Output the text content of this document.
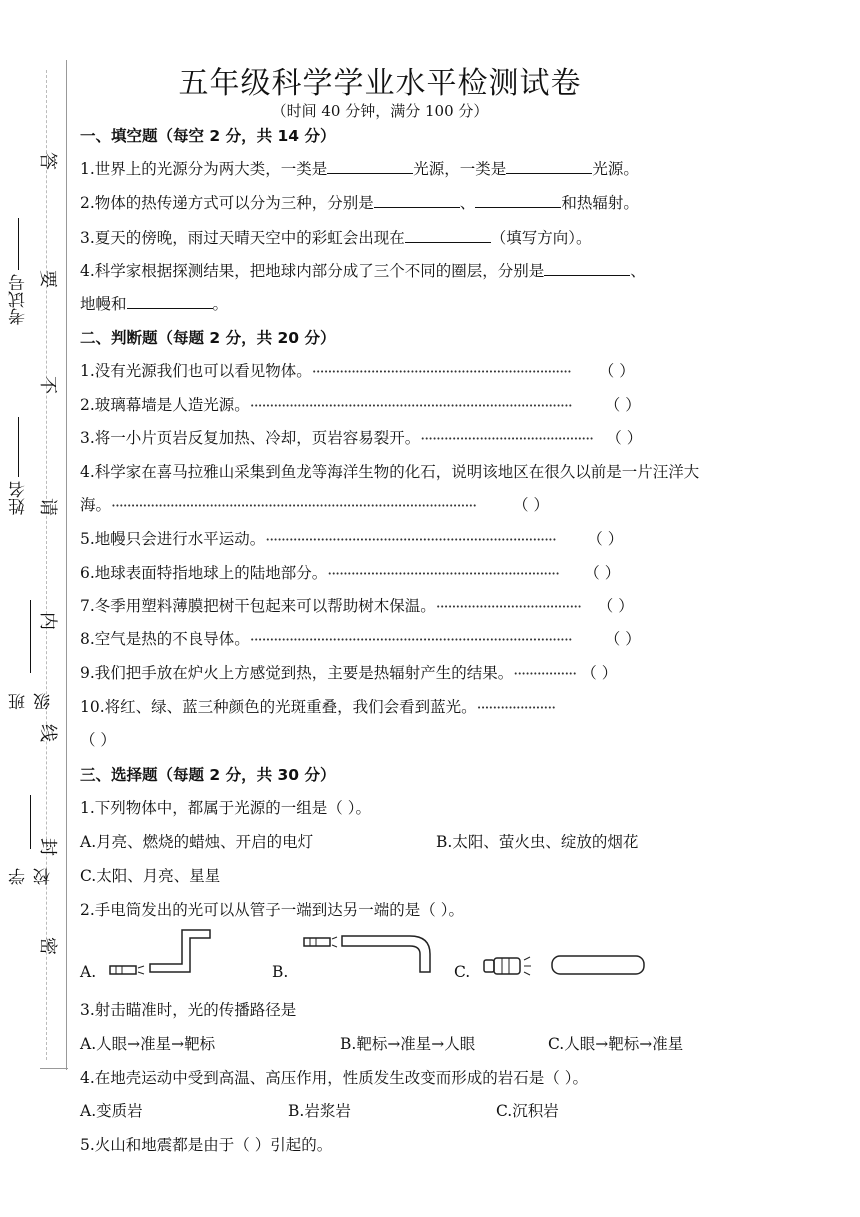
考试号
姓名
班级
学校
答
要
不
请
内
线
封
密
五年级科学学业水平检测试卷
（时间 40 分钟，满分 100 分）
一、填空题（每空 2 分，共 14 分）
1.世界上的光源分为两大类，一类是	光源，一类是	光源。
2.物体的热传递方式可以分为三种，分别是	、	和热辐射。
3.夏天的傍晚，雨过天晴天空中的彩虹会出现在	（填写方向）。
4.科学家根据探测结果，把地球内部分成了三个不同的圈层，分别是	、
地幔和	。
二、判断题（每题 2 分，共 20 分）
1.没有光源我们也可以看见物体。·································································· （ ）
2.玻璃幕墙是人造光源。·················································································· （ ）
3.将一小片页岩反复加热、冷却，页岩容易裂开。············································ （ ）
4.科学家在喜马拉雅山采集到鱼龙等海洋生物的化石，说明该地区在很久以前是一片汪洋大
海。····························································································· （ ）
5.地幔只会进行水平运动。·········································································· （ ）
6.地球表面特指地球上的陆地部分。··························································· （ ）
7.冬季用塑料薄膜把树干包起来可以帮助树木保温。····································· （ ）
8.空气是热的不良导体。·················································································· （ ）
9.我们把手放在炉火上方感觉到热，主要是热辐射产生的结果。················ （ ）
10.将红、绿、蓝三种颜色的光斑重叠，我们会看到蓝光。····················
（ ）
三、选择题（每题 2 分，共 30 分）
1.下列物体中，都属于光源的一组是（ ）。
A.月亮、燃烧的蜡烛、开启的电灯	B.太阳、萤火虫、绽放的烟花
C.太阳、月亮、星星
2.手电筒发出的光可以从管子一端到达另一端的是（ ）。
A.	B.	C.
3.射击瞄准时，光的传播路径是
A.人眼→准星→靶标	B.靶标→准星→人眼	C.人眼→靶标→准星
4.在地壳运动中受到高温、高压作用，性质发生改变而形成的岩石是（ ）。
A.变质岩	B.岩浆岩	C.沉积岩
5.火山和地震都是由于（ ）引起的。
